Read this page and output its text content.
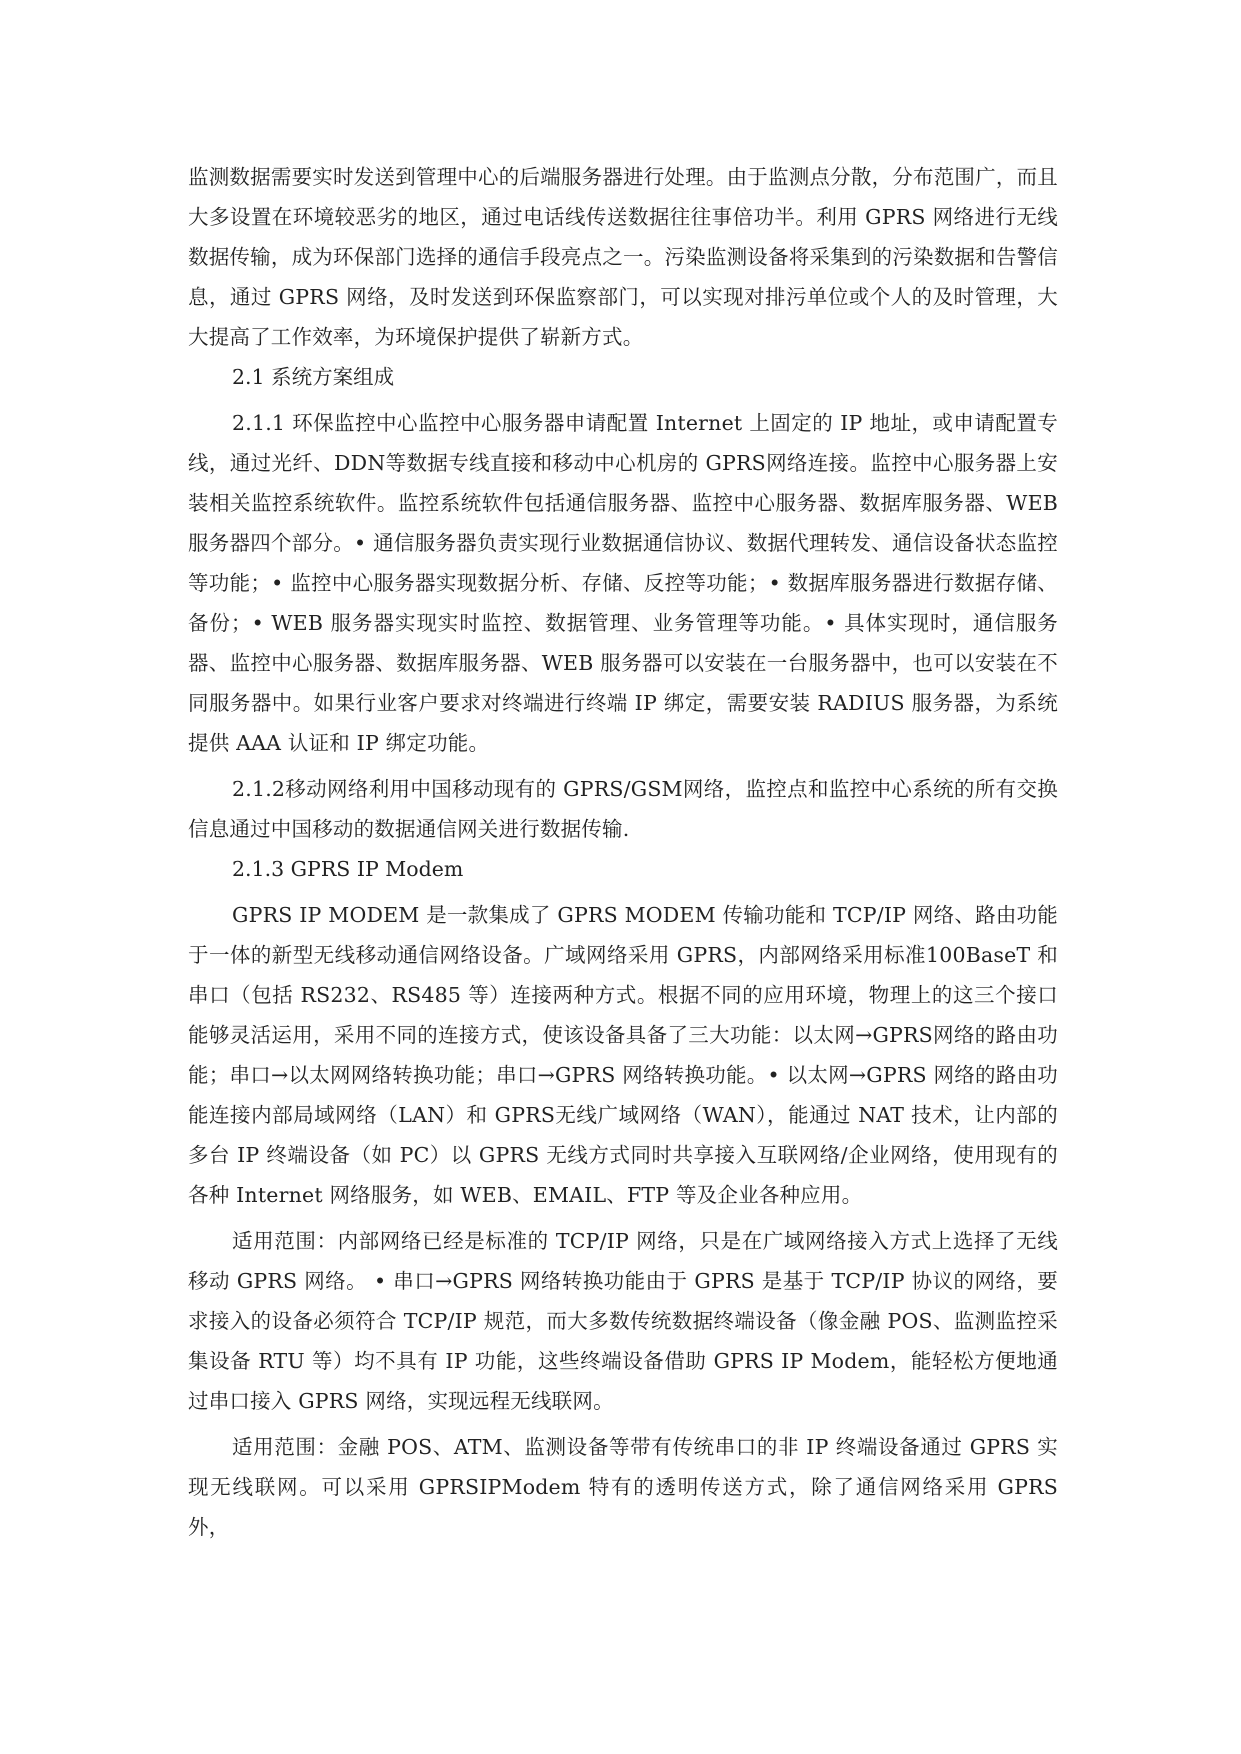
监测数据需要实时发送到管理中心的后端服务器进行处理。由于监测点分散，分布范围广，而且大多设置在环境较恶劣的地区，通过电话线传送数据往往事倍功半。利用 GPRS 网络进行无线数据传输，成为环保部门选择的通信手段亮点之一。污染监测设备将采集到的污染数据和告警信息，通过 GPRS 网络，及时发送到环保监察部门，可以实现对排污单位或个人的及时管理，大大提高了工作效率，为环境保护提供了崭新方式。

2.1 系统方案组成

2.1.1 环保监控中心监控中心服务器申请配置 Internet 上固定的 IP 地址，或申请配置专线，通过光纤、DDN等数据专线直接和移动中心机房的 GPRS网络连接。监控中心服务器上安装相关监控系统软件。监控系统软件包括通信服务器、监控中心服务器、数据库服务器、WEB 服务器四个部分。• 通信服务器负责实现行业数据通信协议、数据代理转发、通信设备状态监控等功能；• 监控中心服务器实现数据分析、存储、反控等功能；• 数据库服务器进行数据存储、备份；• WEB 服务器实现实时监控、数据管理、业务管理等功能。• 具体实现时，通信服务器、监控中心服务器、数据库服务器、WEB 服务器可以安装在一台服务器中，也可以安装在不同服务器中。如果行业客户要求对终端进行终端 IP 绑定，需要安装 RADIUS 服务器，为系统提供 AAA 认证和 IP 绑定功能。

2.1.2移动网络利用中国移动现有的 GPRS/GSM网络，监控点和监控中心系统的所有交换信息通过中国移动的数据通信网关进行数据传输.

2.1.3 GPRS IP Modem

GPRS IP MODEM 是一款集成了 GPRS MODEM 传输功能和 TCP/IP 网络、路由功能于一体的新型无线移动通信网络设备。广域网络采用 GPRS，内部网络采用标准100BaseT 和串口（包括 RS232、RS485 等）连接两种方式。根据不同的应用环境，物理上的这三个接口能够灵活运用，采用不同的连接方式，使该设备具备了三大功能：以太网→GPRS网络的路由功能；串口→以太网网络转换功能；串口→GPRS 网络转换功能。• 以太网→GPRS 网络的路由功能连接内部局域网络（LAN）和 GPRS无线广域网络（WAN），能通过 NAT 技术，让内部的多台 IP 终端设备（如 PC）以 GPRS 无线方式同时共享接入互联网络/企业网络，使用现有的各种 Internet 网络服务，如 WEB、EMAIL、FTP 等及企业各种应用。

适用范围：内部网络已经是标准的 TCP/IP 网络，只是在广域网络接入方式上选择了无线移动 GPRS 网络。 • 串口→GPRS 网络转换功能由于 GPRS 是基于 TCP/IP 协议的网络，要求接入的设备必须符合 TCP/IP 规范，而大多数传统数据终端设备（像金融 POS、监测监控采集设备 RTU 等）均不具有 IP 功能，这些终端设备借助 GPRS IP Modem，能轻松方便地通过串口接入 GPRS 网络，实现远程无线联网。

适用范围：金融 POS、ATM、监测设备等带有传统串口的非 IP 终端设备通过 GPRS 实现无线联网。可以采用 GPRSIPModem 特有的透明传送方式，除了通信网络采用 GPRS 外，
